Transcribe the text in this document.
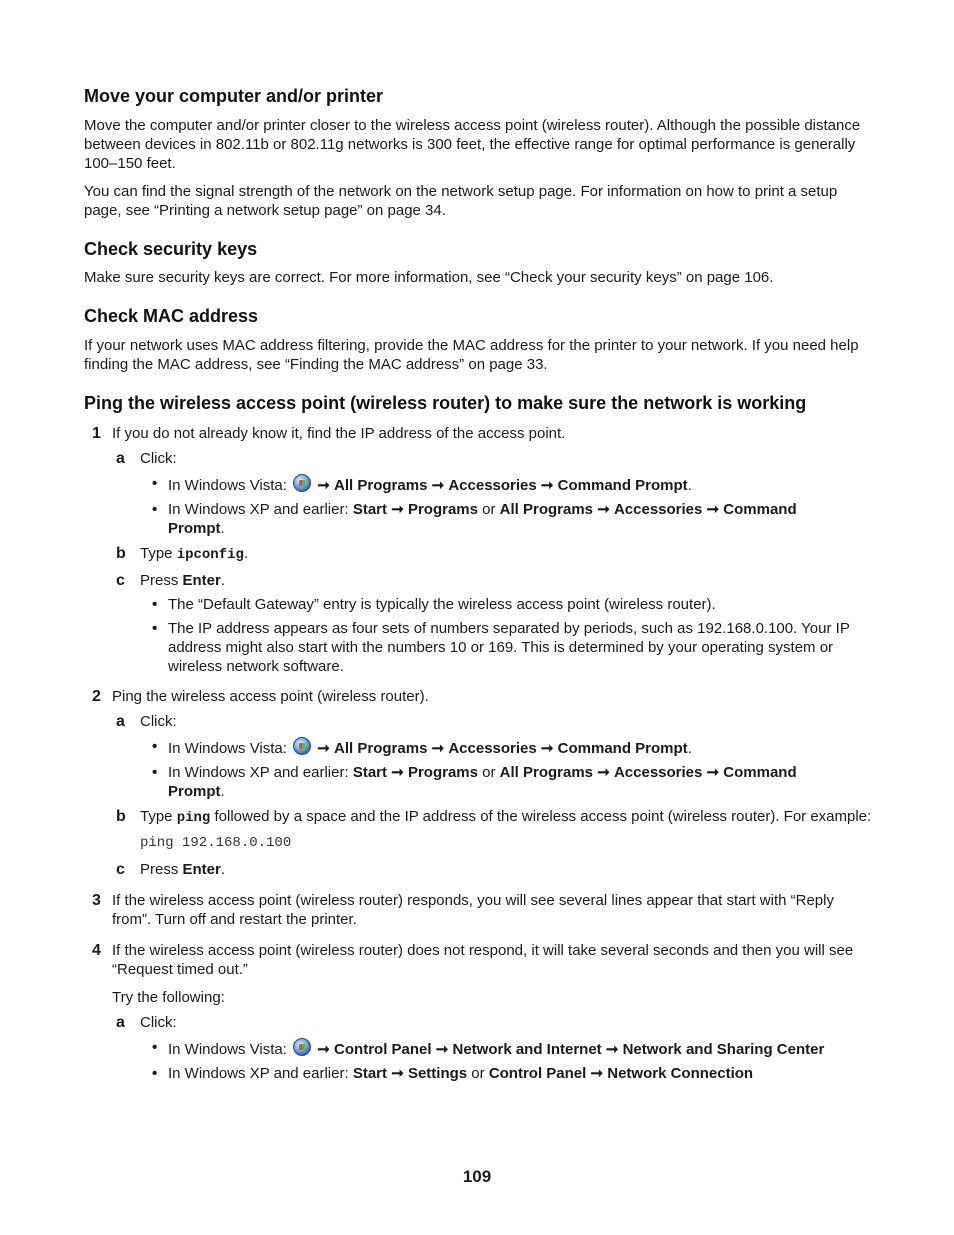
Move your computer and/or printer

Move the computer and/or printer closer to the wireless access point (wireless router). Although the possible distance between devices in 802.11b or 802.11g networks is 300 feet, the effective range for optimal performance is generally 100–150 feet.

You can find the signal strength of the network on the network setup page. For information on how to print a setup page, see “Printing a network setup page” on page 34.

Check security keys

Make sure security keys are correct. For more information, see “Check your security keys” on page 106.

Check MAC address

If your network uses MAC address filtering, provide the MAC address for the printer to your network. If you need help finding the MAC address, see “Finding the MAC address” on page 33.

Ping the wireless access point (wireless router) to make sure the network is working
1 If you do not already know it, find the IP address of the access point.
a Click:
• In Windows Vista: ➞ All Programs ➞ Accessories ➞ Command Prompt.
• In Windows XP and earlier: Start ➞ Programs or All Programs ➞ Accessories ➞ Command
Prompt.
b Type ipconfig.
c Press Enter.
• The “Default Gateway” entry is typically the wireless access point (wireless router).
• The IP address appears as four sets of numbers separated by periods, such as 192.168.0.100. Your IP address might also start with the numbers 10 or 169. This is determined by your operating system or wireless network software.
2 Ping the wireless access point (wireless router).
a Click:
• In Windows Vista: ➞ All Programs ➞ Accessories ➞ Command Prompt.
• In Windows XP and earlier: Start ➞ Programs or All Programs ➞ Accessories ➞ Command
Prompt.
b Type ping followed by a space and the IP address of the wireless access point (wireless router). For example:
ping 192.168.0.100
c Press Enter.
3 If the wireless access point (wireless router) responds, you will see several lines appear that start with “Reply from”. Turn off and restart the printer.
4 If the wireless access point (wireless router) does not respond, it will take several seconds and then you will see “Request timed out.”
Try the following:
a Click:
• In Windows Vista: ➞ Control Panel ➞ Network and Internet ➞ Network and Sharing Center
• In Windows XP and earlier: Start ➞ Settings or Control Panel ➞ Network Connection
109
